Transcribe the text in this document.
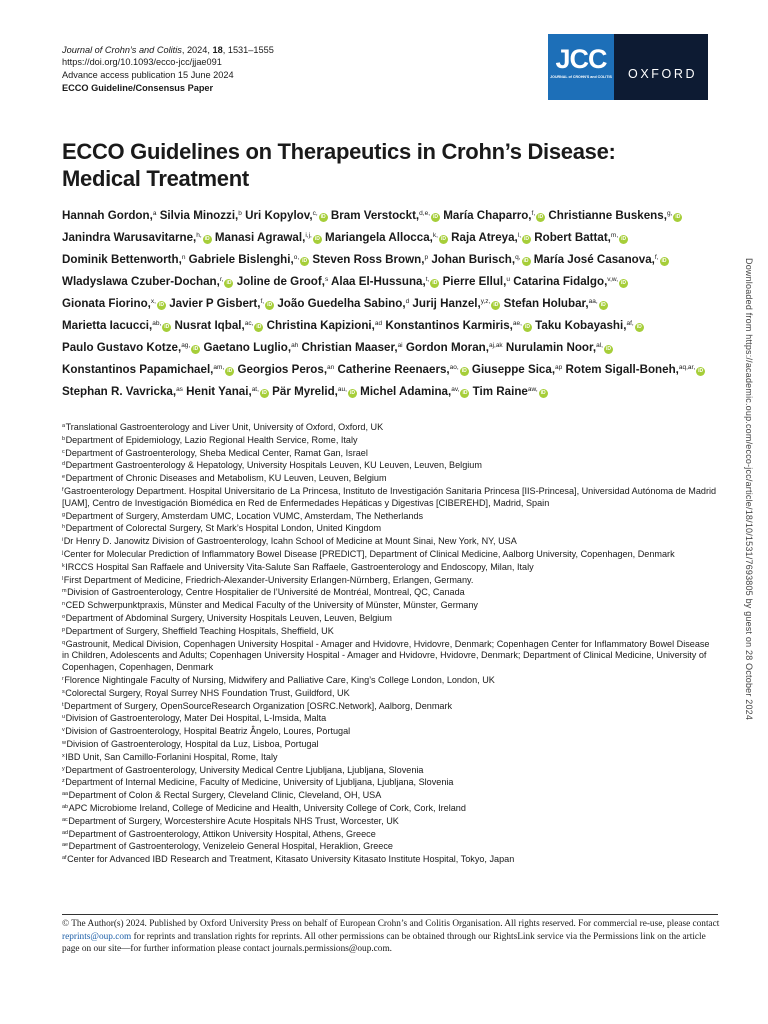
Journal of Crohn’s and Colitis, 2024, 18, 1531–1555
https://doi.org/10.1093/ecco-jcc/jjae091
Advance access publication 15 June 2024
ECCO Guideline/Consensus Paper
JCC
JOURNAL of CROHN'S and COLITIS	OXFORD
ECCO Guidelines on Therapeutics in Crohn’s Disease:
Medical Treatment
Hannah Gordon,$^a$ Silvia Minozzi,$^b$ Uri Kopylov,$^{c,}$ iD Bram Verstockt,$^{d,e,}$ iD María Chaparro,$^{f,}$ iD Christianne Buskens,$^{g,}$ iD Janindra Warusavitarne,$^{h,}$ iD Manasi Agrawal,$^{i,j,}$ iD Mariangela Allocca,$^{k,}$ iD Raja Atreya,$^{l,}$ iD Robert Battat,$^{m,}$ iD Dominik Bettenworth,$^n$ Gabriele Bislenghi,$^{o,}$ iD Steven Ross Brown,$^p$ Johan Burisch,$^{q,}$ iD María José Casanova,$^{f,}$ iD Wladyslawa Czuber-Dochan,$^{r,}$ iD Joline de Groof,$^s$ Alaa El-Hussuna,$^{t,}$ iD Pierre Ellul,$^u$ Catarina Fidalgo,$^{v,w,}$ iD Gionata Fiorino,$^{x,}$ iD Javier P Gisbert,$^{f,}$ iD João Guedelha Sabino,$^d$ Jurij Hanzel,$^{y,z,}$ iD Stefan Holubar,$^{aa,}$ iD Marietta Iacucci,$^{ab,}$ iD Nusrat Iqbal,$^{ac,}$ iD Christina Kapizioni,$^{ad}$ Konstantinos Karmiris,$^{ae,}$ iD Taku Kobayashi,$^{af,}$ iD Paulo Gustavo Kotze,$^{ag,}$ iD Gaetano Luglio,$^{ah}$ Christian Maaser,$^{ai}$ Gordon Moran,$^{aj,ak}$ Nurulamin Noor,$^{al,}$ iD Konstantinos Papamichael,$^{am,}$ iD Georgios Peros,$^{an}$ Catherine Reenaers,$^{ao,}$ iD Giuseppe Sica,$^{ap}$ Rotem Sigall-Boneh,$^{aq,ar,}$ iD Stephan R. Vavricka,$^{as}$ Henit Yanai,$^{at,}$ iD Pär Myrelid,$^{au,}$ iD Michel Adamina,$^{av,}$ iD Tim Raine$^{aw,}$ iD
$^a$Translational Gastroenterology and Liver Unit, University of Oxford, Oxford, UK
$^b$Department of Epidemiology, Lazio Regional Health Service, Rome, Italy
$^c$Department of Gastroenterology, Sheba Medical Center, Ramat Gan, Israel
$^d$Department Gastroenterology & Hepatology, University Hospitals Leuven, KU Leuven, Leuven, Belgium
$^e$Department of Chronic Diseases and Metabolism, KU Leuven, Leuven, Belgium
$^f$Gastroenterology Department. Hospital Universitario de La Princesa, Instituto de Investigación Sanitaria Princesa [IIS-Princesa], Universidad Autónoma de Madrid [UAM], Centro de Investigación Biomédica en Red de Enfermedades Hepáticas y Digestivas [CIBEREHD], Madrid, Spain
$^g$Department of Surgery, Amsterdam UMC, Location VUMC, Amsterdam, The Netherlands
$^h$Department of Colorectal Surgery, St Mark’s Hospital London, United Kingdom
$^i$Dr Henry D. Janowitz Division of Gastroenterology, Icahn School of Medicine at Mount Sinai, New York, NY, USA
$^j$Center for Molecular Prediction of Inflammatory Bowel Disease [PREDICT], Department of Clinical Medicine, Aalborg University, Copenhagen, Denmark
$^k$IRCCS Hospital San Raffaele and University Vita-Salute San Raffaele, Gastroenterology and Endoscopy, Milan, Italy
$^l$First Department of Medicine, Friedrich-Alexander-University Erlangen-Nürnberg, Erlangen, Germany.
$^m$Division of Gastroenterology, Centre Hospitalier de l’Université de Montréal, Montreal, QC, Canada
$^n$CED Schwerpunktpraxis, Münster and Medical Faculty of the University of Münster, Münster, Germany
$^o$Department of Abdominal Surgery, University Hospitals Leuven, Leuven, Belgium
$^p$Department of Surgery, Sheffield Teaching Hospitals, Sheffield, UK
$^q$Gastrounit, Medical Division, Copenhagen University Hospital - Amager and Hvidovre, Hvidovre, Denmark; Copenhagen Center for Inflammatory Bowel Disease in Children, Adolescents and Adults; Copenhagen University Hospital - Amager and Hvidovre, Hvidovre, Denmark; Department of Clinical Medicine, University of Copenhagen, Copenhagen, Denmark
$^r$Florence Nightingale Faculty of Nursing, Midwifery and Palliative Care, King’s College London, London, UK
$^s$Colorectal Surgery, Royal Surrey NHS Foundation Trust, Guildford, UK
$^t$Department of Surgery, OpenSourceResearch Organization [OSRC.Network], Aalborg, Denmark
$^u$Division of Gastroenterology, Mater Dei Hospital, L-Imsida, Malta
$^v$Division of Gastroenterology, Hospital Beatriz Ângelo, Loures, Portugal
$^w$Division of Gastroenterology, Hospital da Luz, Lisboa, Portugal
$^x$IBD Unit, San Camillo-Forlanini Hospital, Rome, Italy
$^y$Department of Gastroenterology, University Medical Centre Ljubljana, Ljubljana, Slovenia
$^z$Department of Internal Medicine, Faculty of Medicine, University of Ljubljana, Ljubljana, Slovenia
$^{aa}$Department of Colon & Rectal Surgery, Cleveland Clinic, Cleveland, OH, USA
$^{ab}$APC Microbiome Ireland, College of Medicine and Health, University College of Cork, Cork, Ireland
$^{ac}$Department of Surgery, Worcestershire Acute Hospitals NHS Trust, Worcester, UK
$^{ad}$Department of Gastroenterology, Attikon University Hospital, Athens, Greece
$^{ae}$Department of Gastroenterology, Venizeleio General Hospital, Heraklion, Greece
$^{af}$Center for Advanced IBD Research and Treatment, Kitasato University Kitasato Institute Hospital, Tokyo, Japan
© The Author(s) 2024. Published by Oxford University Press on behalf of European Crohn’s and Colitis Organisation. All rights reserved. For commercial re-use, please contact reprints@oup.com for reprints and translation rights for reprints. All other permissions can be obtained through our RightsLink service via the Permissions link on the article page on our site—for further information please contact journals.permissions@oup.com.
Downloaded from https://academic.oup.com/ecco-jcc/article/18/10/1531/7693805 by guest on 28 October 2024
